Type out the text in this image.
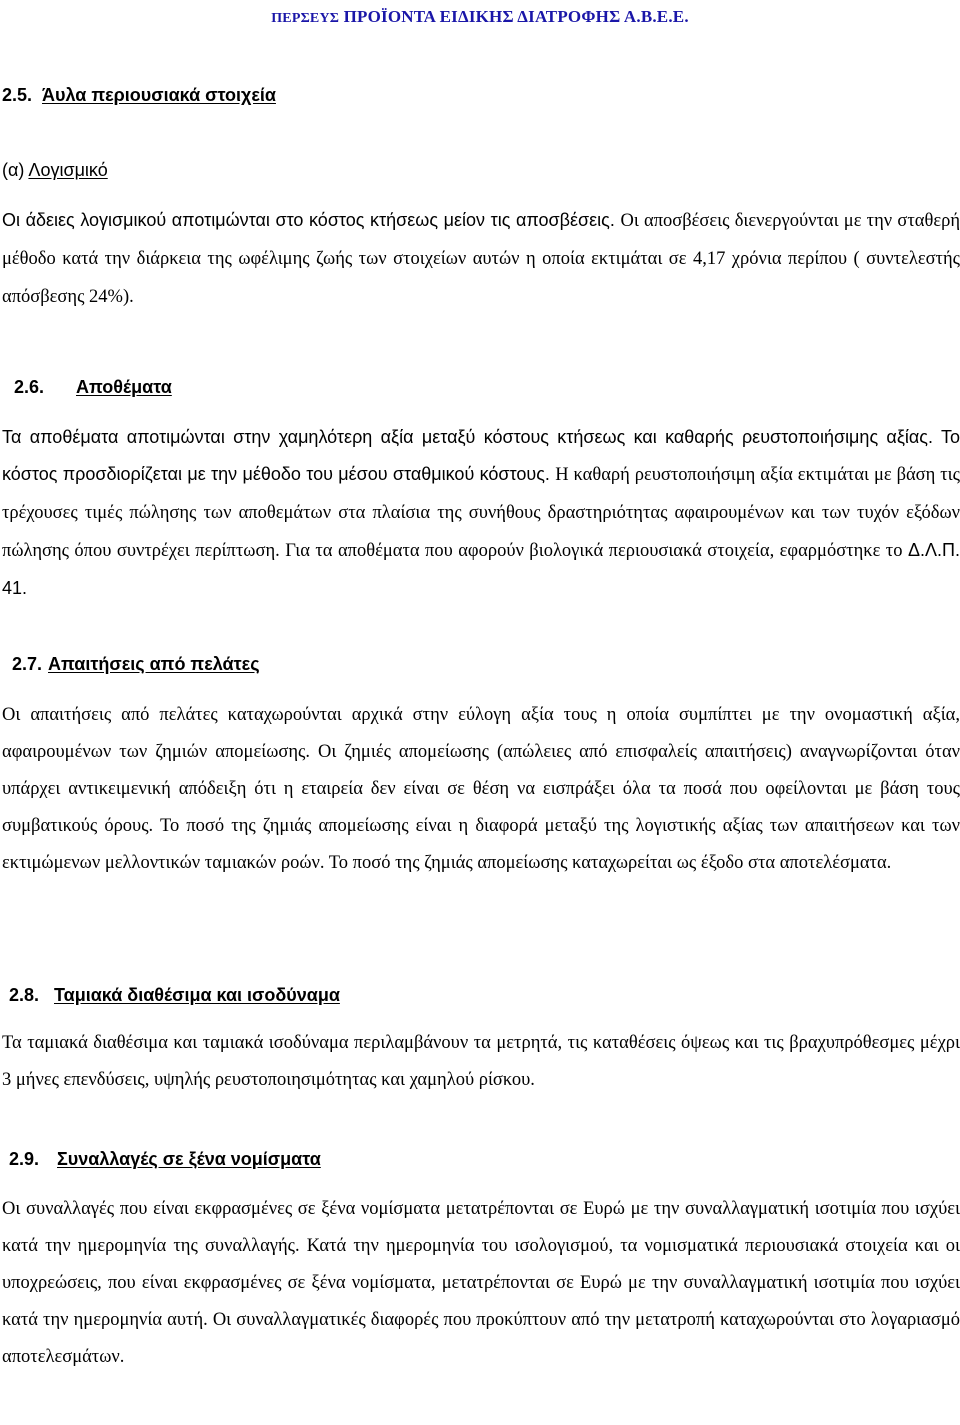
ΠΕΡΣΕΥΣ ΠΡΟΪΟΝΤΑ ΕΙΔΙΚΗΣ ΔΙΑΤΡΟΦΗΣ Α.Β.Ε.Ε.
2.5. Άυλα περιουσιακά στοιχεία
(α) Λογισμικό

Οι άδειες λογισμικού αποτιμώνται στο κόστος κτήσεως μείον τις αποσβέσεις. Οι αποσβέσεις διενεργούνται με την σταθερή μέθοδο κατά την διάρκεια της ωφέλιμης ζωής των στοιχείων αυτών η οποία εκτιμάται σε 4,17 χρόνια περίπου ( συντελεστής απόσβεσης 24%).

2.6. Αποθέματα

Τα αποθέματα αποτιμώνται στην χαμηλότερη αξία μεταξύ κόστους κτήσεως και καθαρής ρευστοποιήσιμης αξίας. Το κόστος προσδιορίζεται με την μέθοδο του μέσου σταθμικού κόστους. Η καθαρή ρευστοποιήσιμη αξία εκτιμάται με βάση τις τρέχουσες τιμές πώλησης των αποθεμάτων στα πλαίσια της συνήθους δραστηριότητας αφαιρουμένων και των τυχόν εξόδων πώλησης όπου συντρέχει περίπτωση. Για τα αποθέματα που αφορούν βιολογικά περιουσιακά στοιχεία, εφαρμόστηκε το Δ.Λ.Π. 41.

2.7. Απαιτήσεις από πελάτες

Οι απαιτήσεις από πελάτες καταχωρούνται αρχικά στην εύλογη αξία τους η οποία συμπίπτει με την ονομαστική αξία, αφαιρουμένων των ζημιών απομείωσης. Οι ζημιές απομείωσης (απώλειες από επισφαλείς απαιτήσεις) αναγνωρίζονται όταν υπάρχει αντικειμενική απόδειξη ότι η εταιρεία δεν είναι σε θέση να εισπράξει όλα τα ποσά που οφείλονται με βάση τους συμβατικούς όρους. Το ποσό της ζημιάς απομείωσης είναι η διαφορά μεταξύ της λογιστικής αξίας των απαιτήσεων και των εκτιμώμενων μελλοντικών ταμιακών ροών. Το ποσό της ζημιάς απομείωσης καταχωρείται ως έξοδο στα αποτελέσματα.

2.8. Ταμιακά διαθέσιμα και ισοδύναμα

Τα ταμιακά διαθέσιμα και ταμιακά ισοδύναμα περιλαμβάνουν τα μετρητά, τις καταθέσεις όψεως και τις βραχυπρόθεσμες μέχρι 3 μήνες επενδύσεις, υψηλής ρευστοποιησιμότητας και χαμηλού ρίσκου.

2.9. Συναλλαγές σε ξένα νομίσματα

Οι συναλλαγές που είναι εκφρασμένες σε ξένα νομίσματα μετατρέπονται σε Ευρώ με την συναλλαγματική ισοτιμία που ισχύει κατά την ημερομηνία της συναλλαγής. Κατά την ημερομηνία του ισολογισμού, τα νομισματικά περιουσιακά στοιχεία και οι υποχρεώσεις, που είναι εκφρασμένες σε ξένα νομίσματα, μετατρέπονται σε Ευρώ με την συναλλαγματική ισοτιμία που ισχύει κατά την ημερομηνία αυτή. Οι συναλλαγματικές διαφορές που προκύπτουν από την μετατροπή καταχωρούνται στο λογαριασμό αποτελεσμάτων.
